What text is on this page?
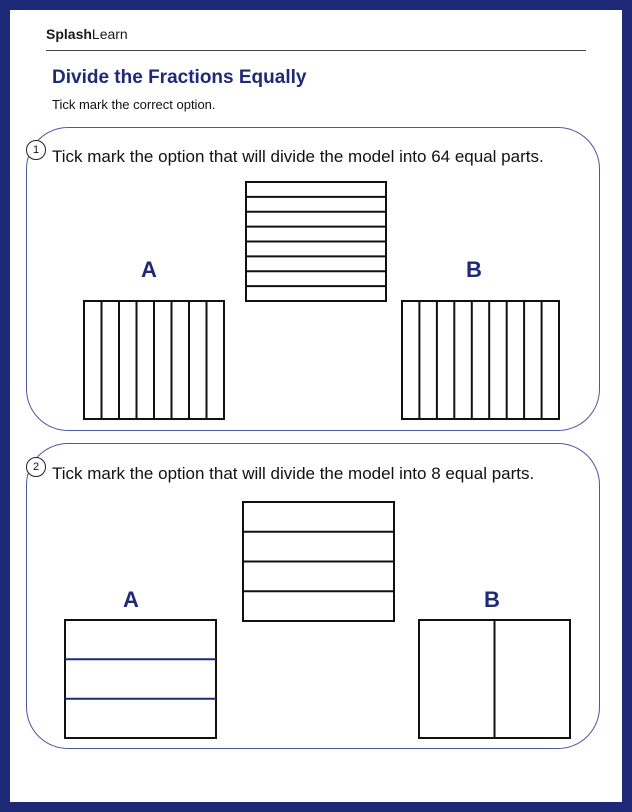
SplashLearn
Divide the Fractions Equally
Tick mark the correct option.
1 Tick mark the option that will divide the model into 64 equal parts.
A	B
2 Tick mark the option that will divide the model into 8 equal parts.
A	B
